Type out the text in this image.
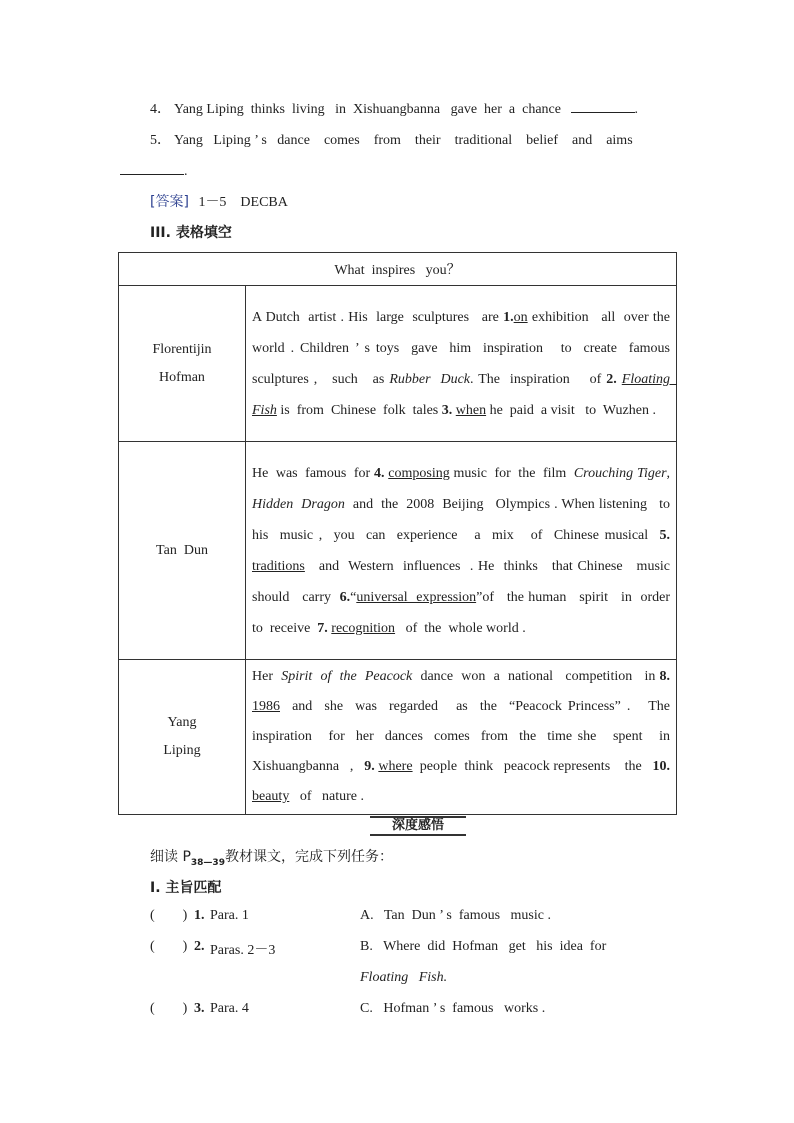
4． Yang Liping  thinks  living   in  Xishuangbanna   gave  her  a  chance	.
5． Yang   Liping ’ s   dance    comes    from    their    traditional    belief    and    aims
.
[答案] 1－5    DECBA
III. 表格填空
What  inspires   you？	

Florentijin
Hofman	A Dutch  artist . His  large  sculptures   are 1.on exhibition   all  over the  world . Children ’ s toys  gave  him  inspiration   to  create  famous sculptures ,   such   as Rubber  Duck. The  inspiration    of 2. Floating  Fish is  from  Chinese  folk  tales 3. when he  paid  a visit   to  Wuzhen .
Tan  Dun	He  was  famous  for 4. composing music  for  the  film  Crouching Tiger, Hidden  Dragon  and  the  2008  Beijing   Olympics . When listening   to  his  music ,  you  can  experience   a  mix   of  Chinese musical  5. traditions   and  Western  influences  . He  thinks   that Chinese   music   should   carry  6.“universal  expression”of   the human   spirit   in  order  to  receive  7. recognition   of  the  whole world .

Yang
Liping	Her  Spirit  of  the  Peacock  dance  won  a  national   competition   in 8. 1986  and  she  was  regarded   as  the  “Peacock Princess” .   The  inspiration   for  her  dances  comes  from  the  time she   spent   in   Xishuangbanna   ,   9. where  people  think   peacock represents    the   10. beauty   of   nature .
深度感悟
细读 $P_{38—39}$教材课文，完成下列任务：
Ⅰ. 主旨匹配
(        ) 1. Para. 1	A.   Tan  Dun ’ s  famous   music .
(        ) 2. Paras. 2－3	B.   Where  did  Hofman   get   his  idea  for
Floating   Fish.
(        ) 3. Para. 4	C.   Hofman ’ s  famous   works .
